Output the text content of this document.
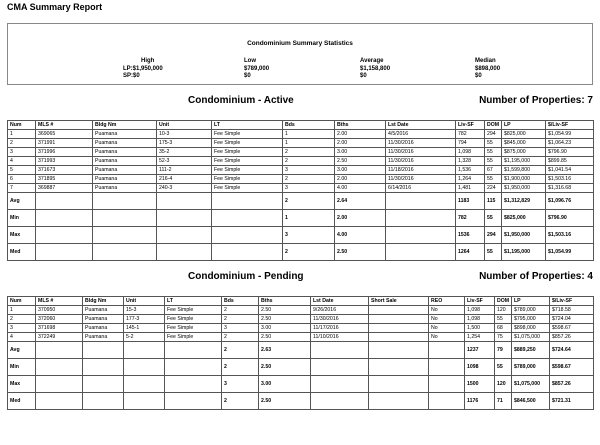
CMA Summary Report
Condominium Summary Statistics
High
LP:$1,950,000
SP:$0
Low
$789,000
$0
Average
$1,158,800
$0
Median
$898,000
$0
Condominium - Active	Number of Properties: 7
Num	MLS #	Bldg Nm	Unit	LT	Bds	Bths	Lst Date	Liv-SF	DOM	LP	$/Liv-SF
1	369065	Puamana	10-3	Fee Simple	1	2.00	4/5/2016	782	294	$825,000	$1,054.99
2	371991	Puamana	175-3	Fee Simple	1	2.00	11/30/2016	794	55	$845,000	$1,064.23
3	371996	Puamana	35-2	Fee Simple	2	3.00	11/30/2016	1,098	55	$875,000	$796.90
4	371993	Puamana	52-3	Fee Simple	2	2.50	11/30/2016	1,328	55	$1,195,000	$899.85
5	371673	Puamana	111-2	Fee Simple	3	3.00	11/18/2016	1,536	67	$1,599,800	$1,041.54
6	371895	Puamana	216-4	Fee Simple	2	2.00	11/30/2016	1,264	55	$1,900,000	$1,503.16
7	369887	Puamana	240-3	Fee Simple	3	4.00	6/14/2016	1,481	224	$1,950,000	$1,316.68
Avg					2	2.64		1183	115	$1,312,829	$1,096.76
Min					1	2.00		782	55	$825,000	$796.90
Max					3	4.00		1536	294	$1,950,000	$1,503.16
Med					2	2.50		1264	55	$1,195,000	$1,054.99
Condominium - Pending	Number of Properties: 4
Num	MLS #	Bldg Nm	Unit	LT	Bds	Bths	Lst Date	Short Sale	REO	Liv-SF	DOM	LP	$/Liv-SF
1	370950	Puamana	15-3	Fee Simple	2	2.50	9/26/2016		No	1,098	120	$789,000	$718.58
2	372060	Puamana	177-3	Fee Simple	2	2.50	11/30/2016		No	1,098	55	$795,000	$724.04
3	371698	Puamana	145-1	Fee Simple	3	3.00	11/17/2016		No	1,500	68	$898,000	$598.67
4	372249	Puamana	5-2	Fee Simple	2	2.50	11/10/2016		No	1,254	75	$1,075,000	$857.26
Avg					2	2.63				1237	79	$889,250	$724.64
Min					2	2.50				1098	55	$789,000	$598.67
Max					3	3.00				1500	120	$1,075,000	$857.26
Med					2	2.50				1176	71	$846,500	$721.31
